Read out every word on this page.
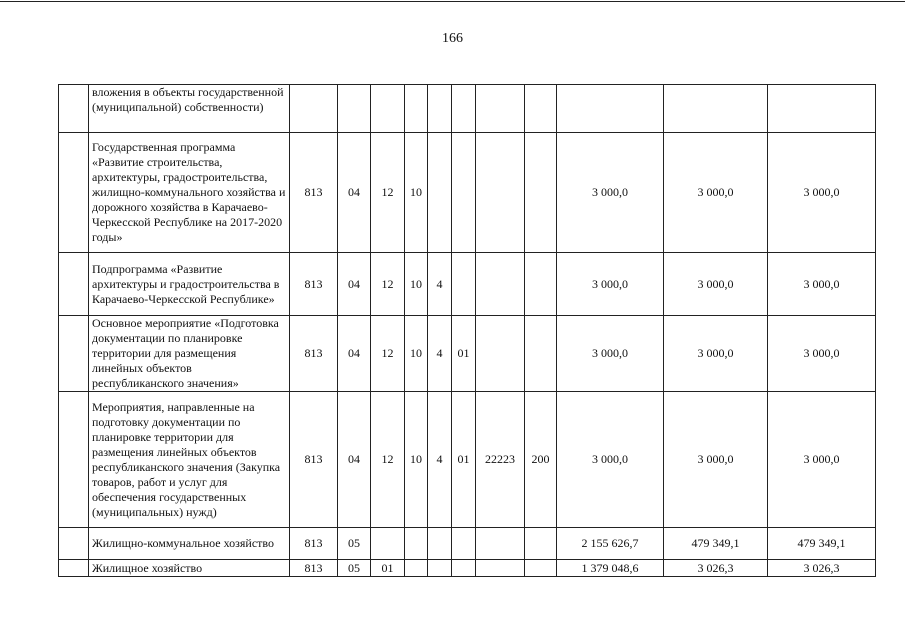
166
	вложения в объекты государственной (муниципальной) собственности)											
	Государственная программа «Развитие строительства, архитектуры, градостроительства, жилищно-коммунального хозяйства и дорожного хозяйства в Карачаево-Черкесской Республике на 2017-2020 годы»	813	04	12	10					3 000,0	3 000,0	3 000,0
	Подпрограмма «Развитие архитектуры и градостроительства в Карачаево-Черкесской Республике»	813	04	12	10	4				3 000,0	3 000,0	3 000,0
	Основное мероприятие «Подготовка документации по планировке территории для размещения линейных объектов республиканского значения»	813	04	12	10	4	01			3 000,0	3 000,0	3 000,0
	Мероприятия, направленные на подготовку документации по планировке территории для размещения линейных объектов республиканского значения (Закупка товаров, работ и услуг для обеспечения государственных (муниципальных) нужд)	813	04	12	10	4	01	22223	200	3 000,0	3 000,0	3 000,0
	Жилищно-коммунальное хозяйство	813	05							2 155 626,7	479 349,1	479 349,1
	Жилищное хозяйство	813	05	01						1 379 048,6	3 026,3	3 026,3
